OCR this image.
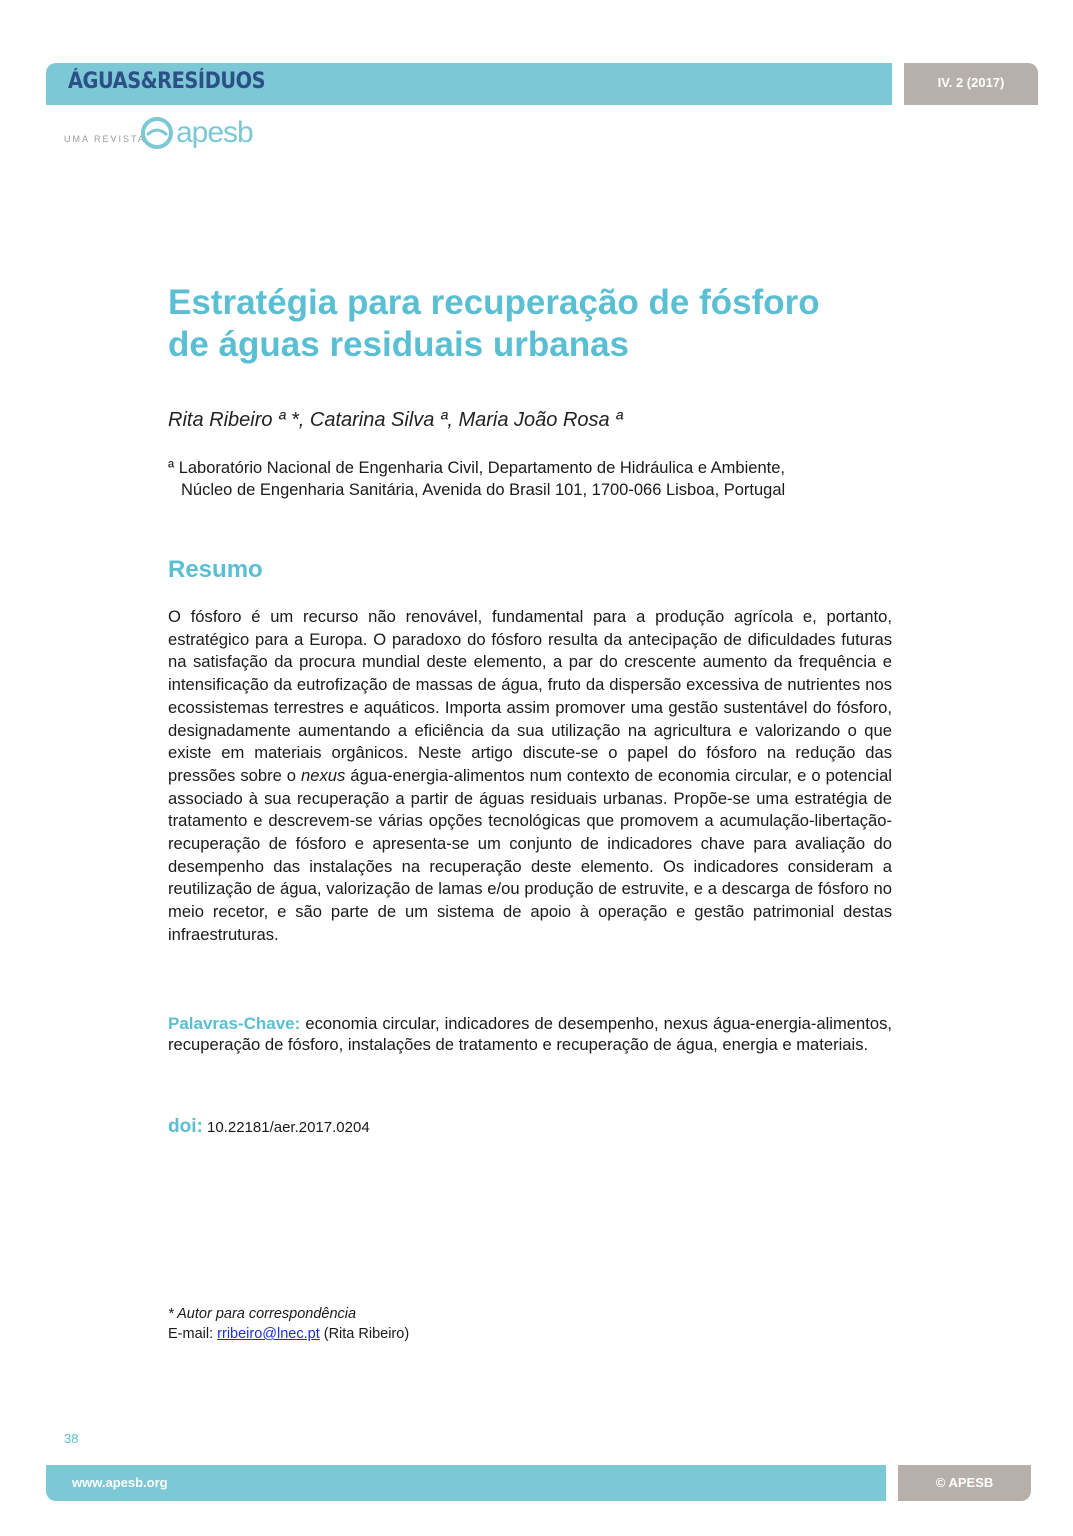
ÁGUAS&RESÍDUOS	IV. 2 (2017)
UMA REVISTA apesb
Estratégia para recuperação de fósforo
de águas residuais urbanas

Rita Ribeiro ª *, Catarina Silva ª, Maria João Rosa ª

ª Laboratório Nacional de Engenharia Civil, Departamento de Hidráulica e Ambiente,
Núcleo de Engenharia Sanitária, Avenida do Brasil 101, 1700-066 Lisboa, Portugal

Resumo

O fósforo é um recurso não renovável, fundamental para a produção agrícola e, portanto, estratégico para a Europa. O paradoxo do fósforo resulta da antecipação de dificuldades futuras na satisfação da procura mundial deste elemento, a par do crescente aumento da frequência e intensificação da eutrofização de massas de água, fruto da dispersão excessiva de nutrientes nos ecossistemas terrestres e aquáticos. Importa assim promover uma gestão sustentável do fósforo, designadamente aumentando a eficiência da sua utilização na agricultura e valorizando o que existe em materiais orgânicos. Neste artigo discute-se o papel do fósforo na redução das pressões sobre o nexus água-energia-alimentos num contexto de economia circular, e o potencial associado à sua recuperação a partir de águas residuais urbanas. Propõe-se uma estratégia de tratamento e descrevem-se várias opções tecnológicas que promovem a acumulação-libertação-recuperação de fósforo e apresenta-se um conjunto de indicadores chave para avaliação do desempenho das instalações na recuperação deste elemento. Os indicadores consideram a reutilização de água, valorização de lamas e/ou produção de estruvite, e a descarga de fósforo no meio recetor, e são parte de um sistema de apoio à operação e gestão patrimonial destas infraestruturas.

Palavras-Chave: economia circular, indicadores de desempenho, nexus água-energia-alimentos, recuperação de fósforo, instalações de tratamento e recuperação de água, energia e materiais.

doi: 10.22181/aer.2017.0204

* Autor para correspondência
E-mail: rribeiro@lnec.pt (Rita Ribeiro)

38
www.apesb.org	© APESB
